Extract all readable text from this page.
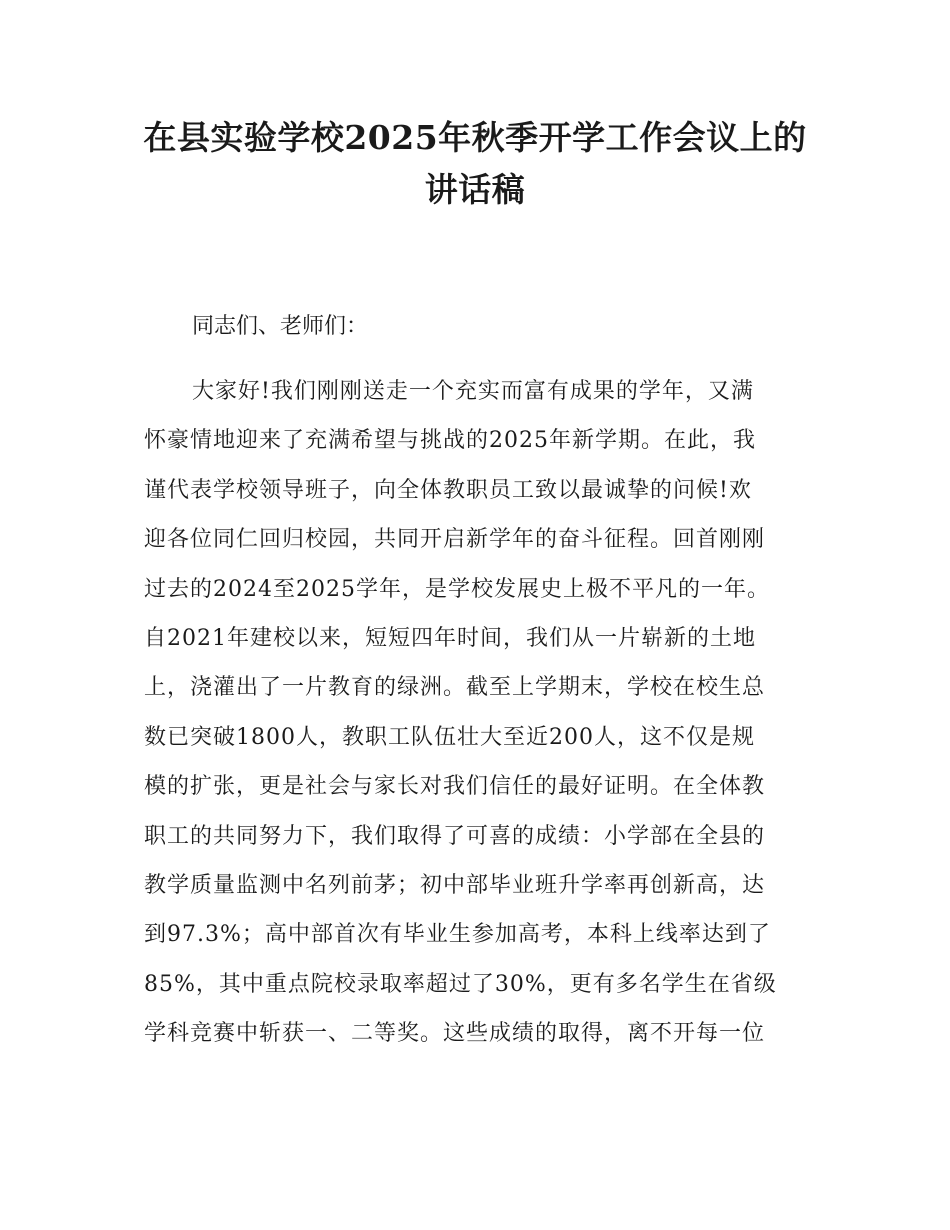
在县实验学校2025年秋季开学工作会议上的
讲话稿

同志们、老师们：

大家好!我们刚刚送走一个充实而富有成果的学年，又满
怀豪情地迎来了充满希望与挑战的2025年新学期。在此，我
谨代表学校领导班子，向全体教职员工致以最诚挚的问候!欢
迎各位同仁回归校园，共同开启新学年的奋斗征程。回首刚刚
过去的2024至2025学年，是学校发展史上极不平凡的一年。
自2021年建校以来，短短四年时间，我们从一片崭新的土地
上，浇灌出了一片教育的绿洲。截至上学期末，学校在校生总
数已突破1800人，教职工队伍壮大至近200人，这不仅是规
模的扩张，更是社会与家长对我们信任的最好证明。在全体教
职工的共同努力下，我们取得了可喜的成绩：小学部在全县的
教学质量监测中名列前茅；初中部毕业班升学率再创新高，达
到97.3%；高中部首次有毕业生参加高考，本科上线率达到了
85%，其中重点院校录取率超过了30%，更有多名学生在省级
学科竞赛中斩获一、二等奖。这些成绩的取得，离不开每一位
